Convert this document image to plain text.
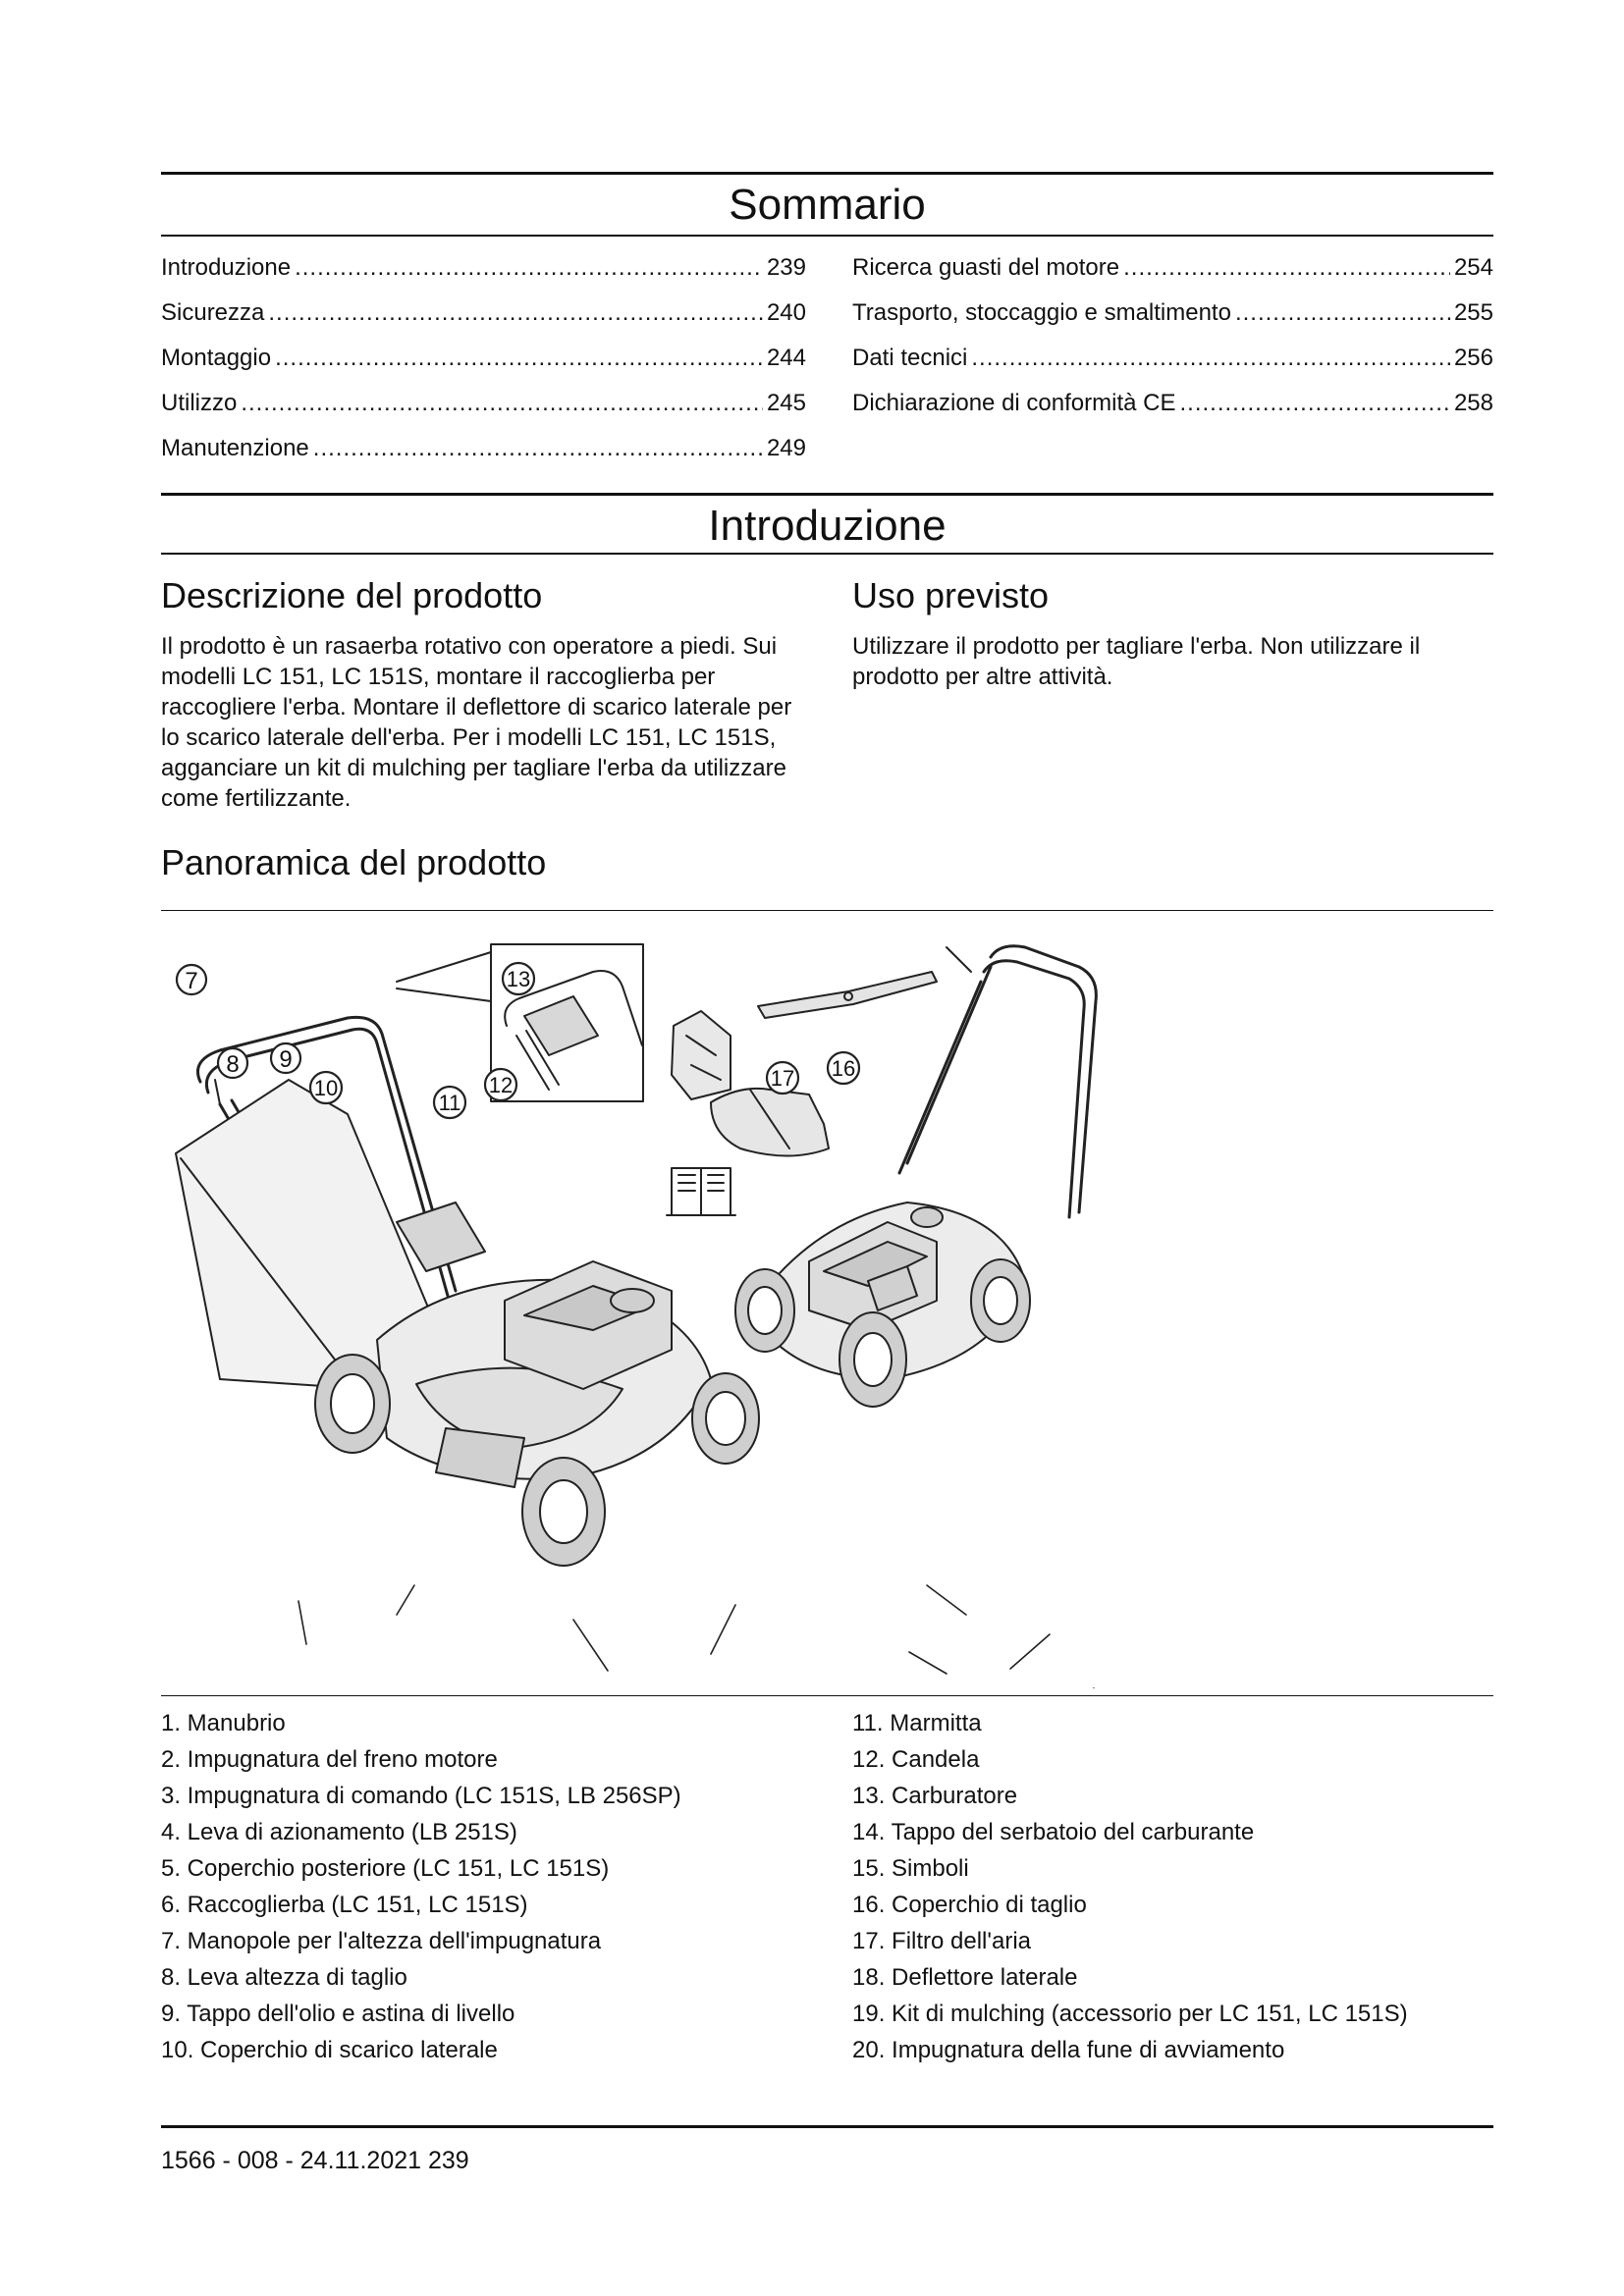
Sommario
Introduzione .....	239
Sicurezza .....	240
Montaggio .....	244
Utilizzo .....	245
Manutenzione .....	249
Ricerca guasti del motore .....	254
Trasporto, stoccaggio e smaltimento .....	255
Dati tecnici .....	256
Dichiarazione di conformità CE .....	258
Introduzione
Descrizione del prodotto

Il prodotto è un rasaerba rotativo con operatore a piedi. Sui modelli LC 151, LC 151S, montare il raccoglierba per raccogliere l'erba. Montare il deflettore di scarico laterale per lo scarico laterale dell'erba. Per i modelli LC 151, LC 151S, agganciare un kit di mulching per tagliare l'erba da utilizzare come fertilizzante.

Uso previsto

Utilizzare il prodotto per tagliare l'erba. Non utilizzare il prodotto per altre attività.

Panoramica del prodotto
7
8 9
10
11
12
13
16
17
1. Manubrio
2. Impugnatura del freno motore
3. Impugnatura di comando (LC 151S, LB 256SP)
4. Leva di azionamento (LB 251S)
5. Coperchio posteriore (LC 151, LC 151S)
6. Raccoglierba (LC 151, LC 151S)
7. Manopole per l'altezza dell'impugnatura
8. Leva altezza di taglio
9. Tappo dell'olio e astina di livello
10. Coperchio di scarico laterale
11. Marmitta
12. Candela
13. Carburatore
14. Tappo del serbatoio del carburante
15. Simboli
16. Coperchio di taglio
17. Filtro dell'aria
18. Deflettore laterale
19. Kit di mulching (accessorio per LC 151, LC 151S)
20. Impugnatura della fune di avviamento
1566 - 008 - 24.11.2021 239
